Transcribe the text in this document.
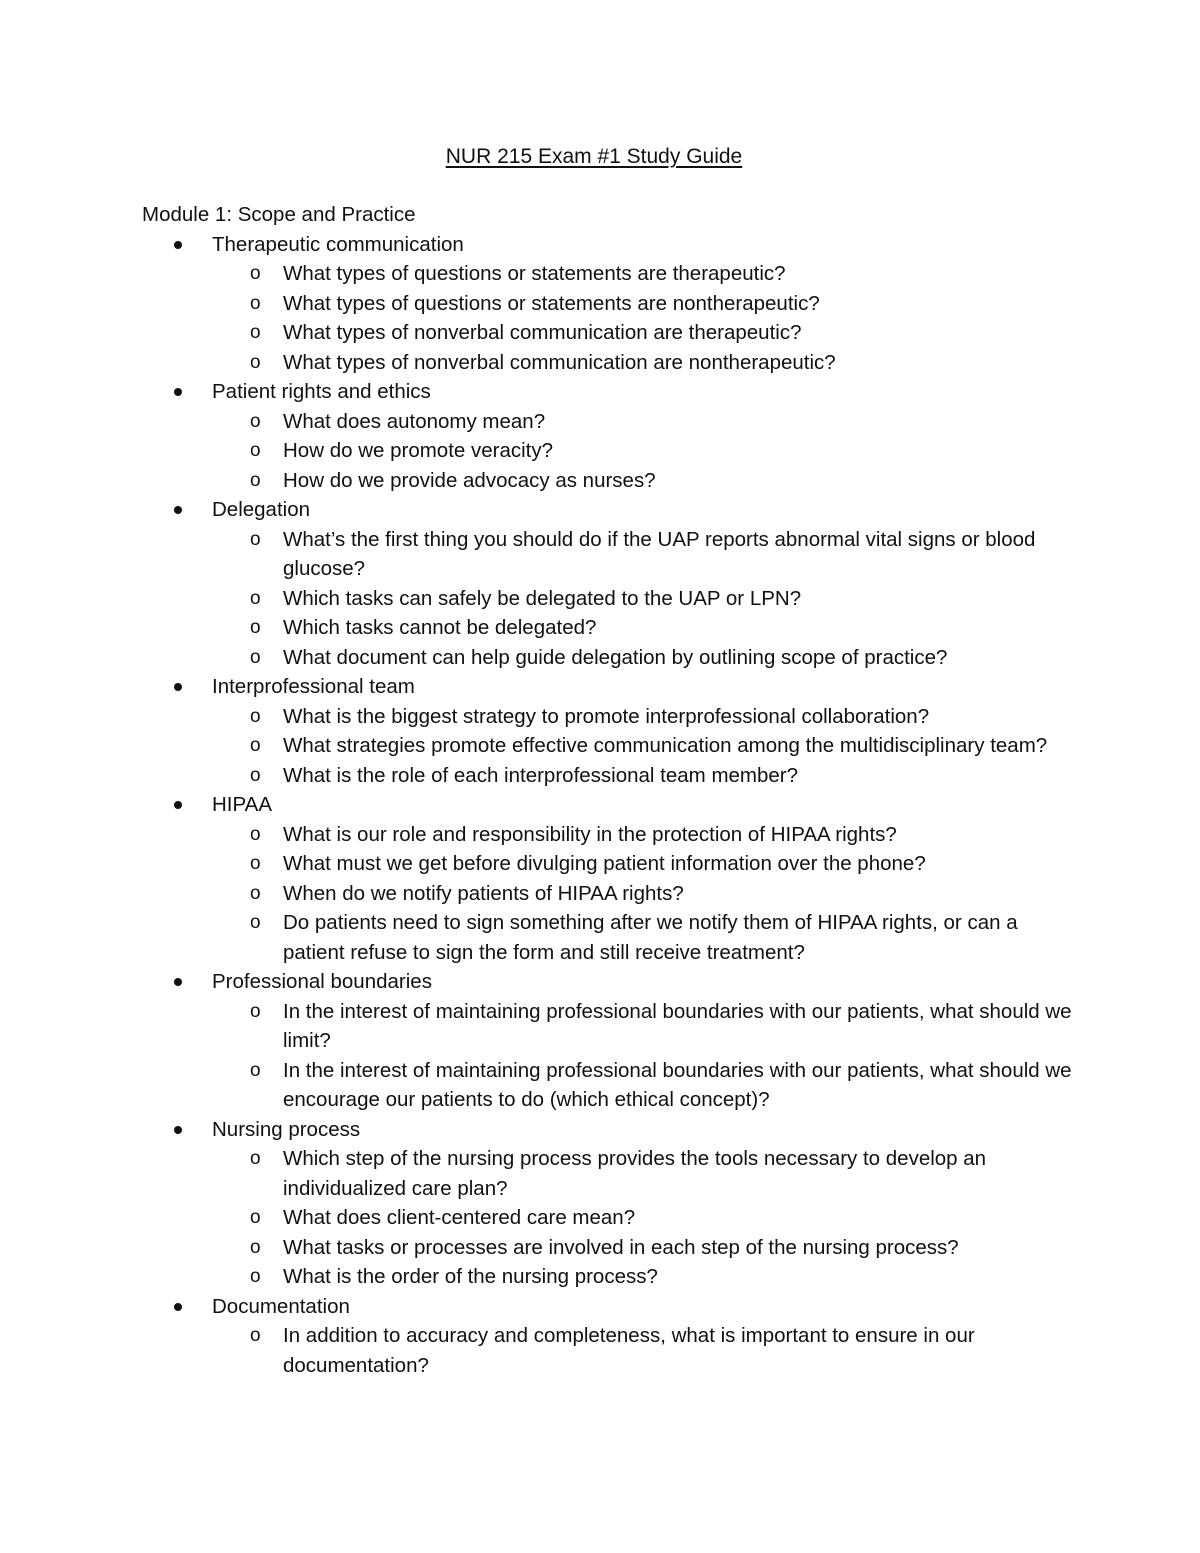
NUR 215 Exam #1 Study Guide
Module 1: Scope and Practice
Therapeutic communication
o What types of questions or statements are therapeutic?
o What types of questions or statements are nontherapeutic?
o What types of nonverbal communication are therapeutic?
o What types of nonverbal communication are nontherapeutic?
Patient rights and ethics
o What does autonomy mean?
o How do we promote veracity?
o How do we provide advocacy as nurses?
Delegation
o What’s the first thing you should do if the UAP reports abnormal vital signs or blood glucose?
o Which tasks can safely be delegated to the UAP or LPN?
o Which tasks cannot be delegated?
o What document can help guide delegation by outlining scope of practice?
Interprofessional team
o What is the biggest strategy to promote interprofessional collaboration?
o What strategies promote effective communication among the multidisciplinary team?
o What is the role of each interprofessional team member?
HIPAA
o What is our role and responsibility in the protection of HIPAA rights?
o What must we get before divulging patient information over the phone?
o When do we notify patients of HIPAA rights?
o Do patients need to sign something after we notify them of HIPAA rights, or can a patient refuse to sign the form and still receive treatment?
Professional boundaries
o In the interest of maintaining professional boundaries with our patients, what should we limit?
o In the interest of maintaining professional boundaries with our patients, what should we encourage our patients to do (which ethical concept)?
Nursing process
o Which step of the nursing process provides the tools necessary to develop an individualized care plan?
o What does client-centered care mean?
o What tasks or processes are involved in each step of the nursing process?
o What is the order of the nursing process?
Documentation
o In addition to accuracy and completeness, what is important to ensure in our documentation?
